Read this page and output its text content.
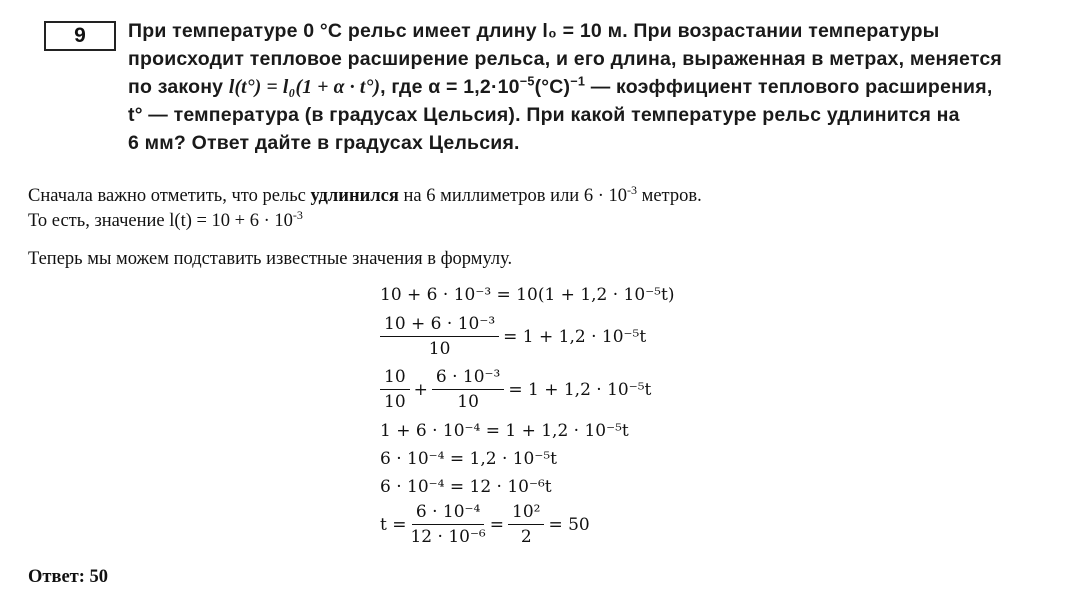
9	При температуре 0 °С рельс имеет длину l₀ = 10 м. При возрастании температуры
происходит тепловое расширение рельса, и его длина, выраженная в метрах, меняется
по закону l(t°) = l₀(1 + α · t°), где $\alpha = 1,2\cdot 10^{-5}(^\circ С)^{-1}$ — коэффициент теплового расширения,
t° — температура (в градусах Цельсия). При какой температуре рельс удлинится на
6 мм? Ответ дайте в градусах Цельсия.
Сначала важно отметить, что рельс удлинился на 6 миллиметров или $6 \cdot 10^{-3}$ метров.
То есть, значение $l(t) = 10 + 6 \cdot 10^{-3}$
Теперь мы можем подставить известные значения в формулу.
10 + 6 · 10⁻³ = 10(1 + 1,2 · 10⁻⁵t)
$\frac{\text{10 + 6 · 10⁻³}}{10} = 1 + 1,2 \cdot 10^{-5}t$
$\frac{10}{10} + \frac{\text{6 · 10⁻³}}{10} = 1 + 1,2 \cdot 10^{-5}t$
1 + 6 · 10⁻⁴ = 1 + 1,2 · 10⁻⁵t
6 · 10⁻⁴ = 1,2 · 10⁻⁵t
6 · 10⁻⁴ = 12 · 10⁻⁶t
$t = \frac{\text{6 · 10⁻⁴}}{\text{12 · 10⁻⁶}} = \frac{\text{10²}}{2} = 50$
Ответ: 50
